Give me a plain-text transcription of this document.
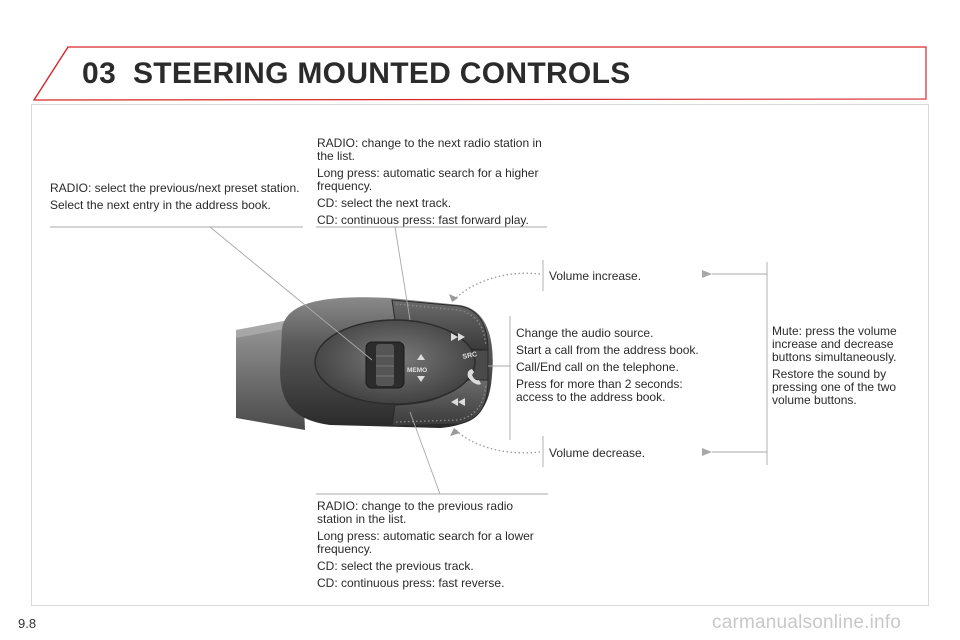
SRC
MEMO
03 STEERING MOUNTED CONTROLS

RADIO: select the previous/next preset station.

Select the next entry in the address book.

RADIO: change to the next radio station in the list.

Long press: automatic search for a higher frequency.

CD: select the next track.

CD: continuous press: fast forward play.

Volume increase.

Change the audio source.

Start a call from the address book.

Call/End call on the telephone.

Press for more than 2 seconds: access to the address book.

Mute: press the volume increase and decrease buttons simultaneously.

Restore the sound by pressing one of the two volume buttons.

Volume decrease.

RADIO: change to the previous radio station in the list.

Long press: automatic search for a lower frequency.

CD: select the previous track.

CD: continuous press: fast reverse.

9.8	carmanualsonline.info
